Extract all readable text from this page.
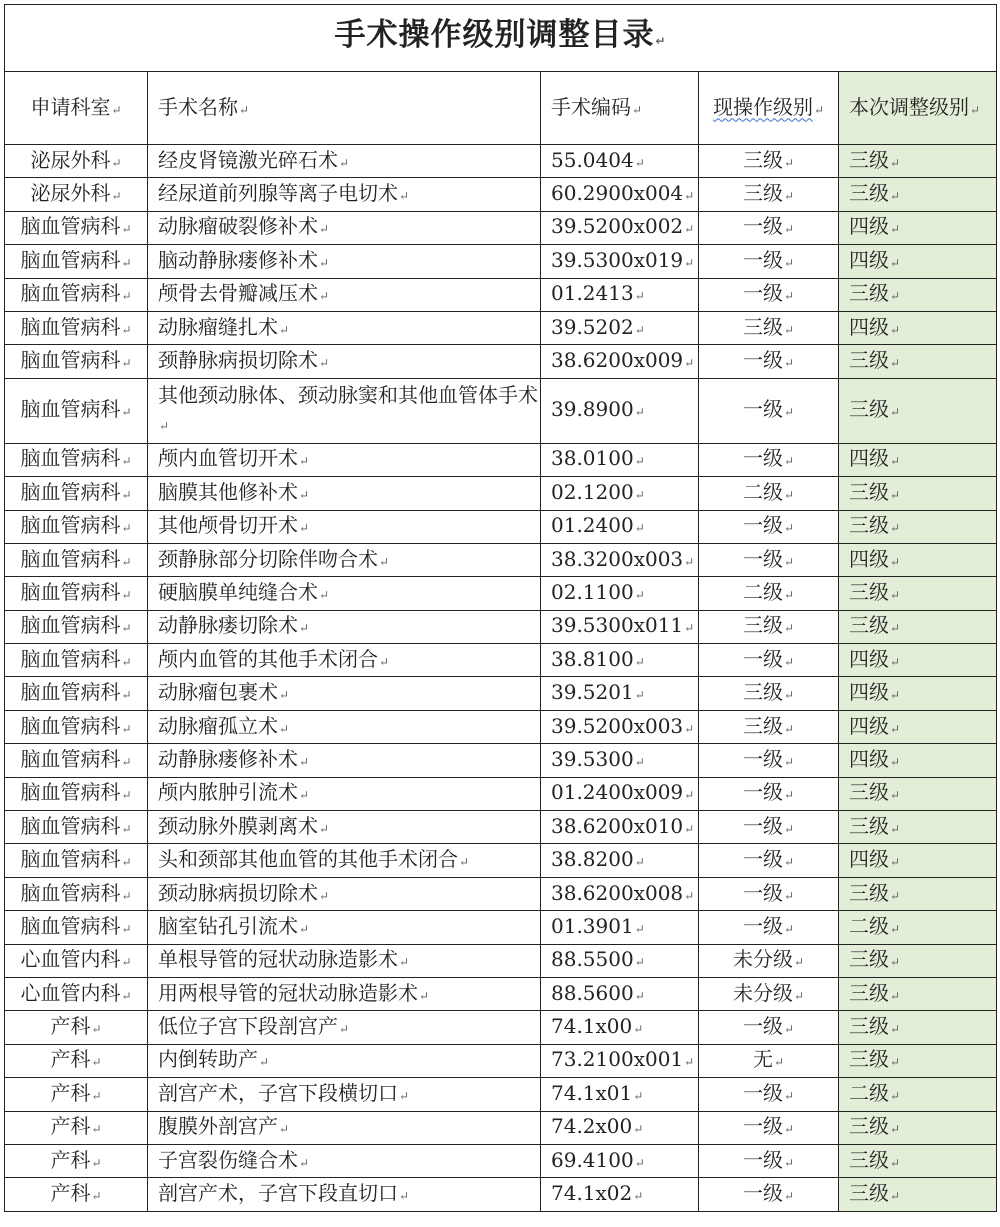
手术操作级别调整目录↵				
申请科室↵	手术名称↵	手术编码↵	现操作级别↵	本次调整级别↵
泌尿外科↵	经皮肾镜激光碎石术↵	55.0404↵	三级↵	三级↵
泌尿外科↵	经尿道前列腺等离子电切术↵	60.2900x004↵	三级↵	三级↵
脑血管病科↵	动脉瘤破裂修补术↵	39.5200x002↵	一级↵	四级↵
脑血管病科↵	脑动静脉瘘修补术↵	39.5300x019↵	一级↵	四级↵
脑血管病科↵	颅骨去骨瓣减压术↵	01.2413↵	一级↵	三级↵
脑血管病科↵	动脉瘤缝扎术↵	39.5202↵	三级↵	四级↵
脑血管病科↵	颈静脉病损切除术↵	38.6200x009↵	一级↵	三级↵
脑血管病科↵	其他颈动脉体、颈动脉窦和其他血管体手术↵	39.8900↵	一级↵	三级↵
脑血管病科↵	颅内血管切开术↵	38.0100↵	一级↵	四级↵
脑血管病科↵	脑膜其他修补术↵	02.1200↵	二级↵	三级↵
脑血管病科↵	其他颅骨切开术↵	01.2400↵	一级↵	三级↵
脑血管病科↵	颈静脉部分切除伴吻合术↵	38.3200x003↵	一级↵	四级↵
脑血管病科↵	硬脑膜单纯缝合术↵	02.1100↵	二级↵	三级↵
脑血管病科↵	动静脉瘘切除术↵	39.5300x011↵	三级↵	三级↵
脑血管病科↵	颅内血管的其他手术闭合↵	38.8100↵	一级↵	四级↵
脑血管病科↵	动脉瘤包裹术↵	39.5201↵	三级↵	四级↵
脑血管病科↵	动脉瘤孤立术↵	39.5200x003↵	三级↵	四级↵
脑血管病科↵	动静脉瘘修补术↵	39.5300↵	一级↵	四级↵
脑血管病科↵	颅内脓肿引流术↵	01.2400x009↵	一级↵	三级↵
脑血管病科↵	颈动脉外膜剥离术↵	38.6200x010↵	一级↵	三级↵
脑血管病科↵	头和颈部其他血管的其他手术闭合↵	38.8200↵	一级↵	四级↵
脑血管病科↵	颈动脉病损切除术↵	38.6200x008↵	一级↵	三级↵
脑血管病科↵	脑室钻孔引流术↵	01.3901↵	一级↵	二级↵
心血管内科↵	单根导管的冠状动脉造影术↵	88.5500↵	未分级↵	三级↵
心血管内科↵	用两根导管的冠状动脉造影术↵	88.5600↵	未分级↵	三级↵
产科↵	低位子宫下段剖宫产↵	74.1x00↵	一级↵	三级↵
产科↵	内倒转助产↵	73.2100x001↵	无↵	三级↵
产科↵	剖宫产术，子宫下段横切口↵	74.1x01↵	一级↵	二级↵
产科↵	腹膜外剖宫产↵	74.2x00↵	一级↵	三级↵
产科↵	子宫裂伤缝合术↵	69.4100↵	一级↵	三级↵
产科↵	剖宫产术，子宫下段直切口↵	74.1x02↵	一级↵	三级↵
